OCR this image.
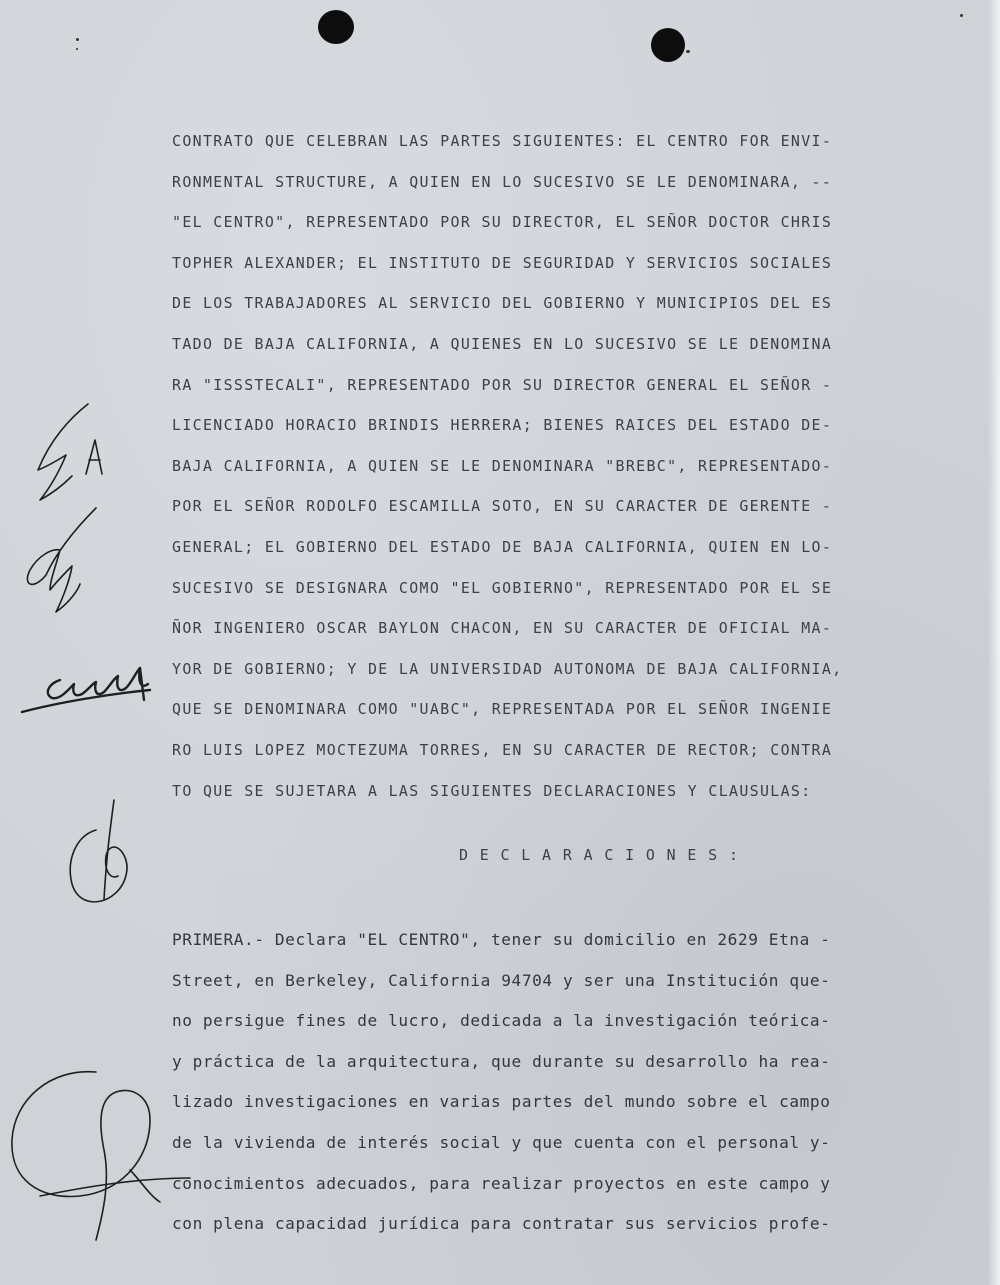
CONTRATO QUE CELEBRAN LAS PARTES SIGUIENTES: EL CENTRO FOR ENVI-
RONMENTAL STRUCTURE, A QUIEN EN LO SUCESIVO SE LE DENOMINARA, --
"EL CENTRO", REPRESENTADO POR SU DIRECTOR, EL SEÑOR DOCTOR CHRIS
TOPHER ALEXANDER; EL INSTITUTO DE SEGURIDAD Y SERVICIOS SOCIALES
DE LOS TRABAJADORES AL SERVICIO DEL GOBIERNO Y MUNICIPIOS DEL ES
TADO DE BAJA CALIFORNIA, A QUIENES EN LO SUCESIVO SE LE DENOMINA
RA "ISSSTECALI", REPRESENTADO POR SU DIRECTOR GENERAL EL SEÑOR -
LICENCIADO HORACIO BRINDIS HERRERA; BIENES RAICES DEL ESTADO DE-
BAJA CALIFORNIA, A QUIEN SE LE DENOMINARA "BREBC", REPRESENTADO-
POR EL SEÑOR RODOLFO ESCAMILLA SOTO, EN SU CARACTER DE GERENTE -
GENERAL; EL GOBIERNO DEL ESTADO DE BAJA CALIFORNIA, QUIEN EN LO-
SUCESIVO SE DESIGNARA COMO "EL GOBIERNO", REPRESENTADO POR EL SE
ÑOR INGENIERO OSCAR BAYLON CHACON, EN SU CARACTER DE OFICIAL MA-
YOR DE GOBIERNO; Y DE LA UNIVERSIDAD AUTONOMA DE BAJA CALIFORNIA,
QUE SE DENOMINARA COMO "UABC", REPRESENTADA POR EL SEÑOR INGENIE
RO LUIS LOPEZ MOCTEZUMA TORRES, EN SU CARACTER DE RECTOR; CONTRA
TO QUE SE SUJETARA A LAS SIGUIENTES DECLARACIONES Y CLAUSULAS:
DECLARACIONES:
PRIMERA.- Declara "EL CENTRO", tener su domicilio en 2629 Etna -
Street, en Berkeley, California 94704 y ser una Institución que-
no persigue fines de lucro, dedicada a la investigación teórica-
y práctica de la arquitectura, que durante su desarrollo ha rea-
lizado investigaciones en varias partes del mundo sobre el campo
de la vivienda de interés social y que cuenta con el personal y-
conocimientos adecuados, para realizar proyectos en este campo y
con plena capacidad jurídica para contratar sus servicios profe-
